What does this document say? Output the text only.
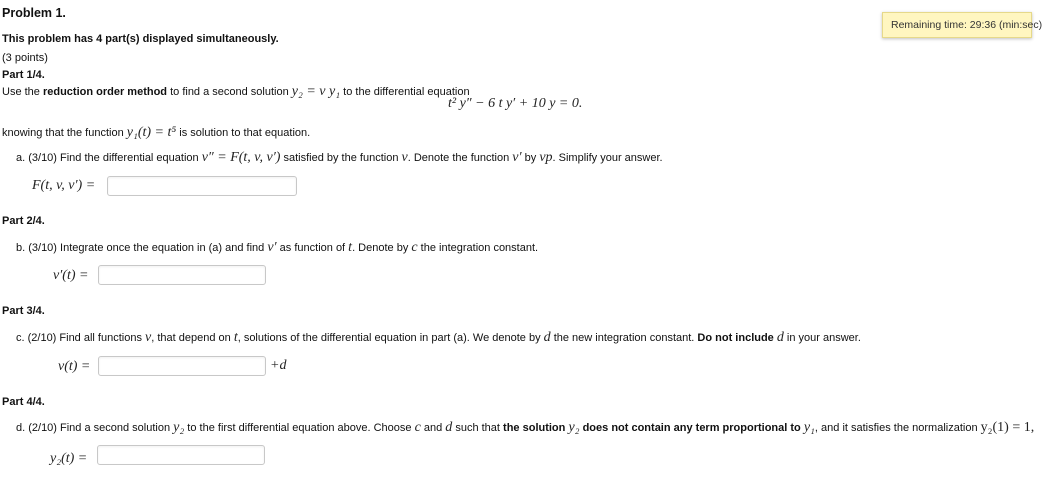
Problem 1.
Remaining time: 29:36 (min:sec)
This problem has 4 part(s) displayed simultaneously.
(3 points)
Part 1/4.
Use the reduction order method to find a second solution y₂ = v y₁ to the differential equation
t² y″ − 6 t y′ + 10 y = 0.
knowing that the function y₁(t) = t⁵ is solution to that equation.
a. (3/10) Find the differential equation v″ = F(t, v, v′) satisfied by the function v. Denote the function v′ by vp. Simplify your answer.
F(t, v, v′) =
Part 2/4.
b. (3/10) Integrate once the equation in (a) and find v′ as function of t. Denote by c the integration constant.
v′(t) =
Part 3/4.
c. (2/10) Find all functions v, that depend on t, solutions of the differential equation in part (a). We denote by d the new integration constant. Do not include d in your answer.
v(t) =	+d
Part 4/4.
d. (2/10) Find a second solution y₂ to the first differential equation above. Choose c and d such that the solution y₂ does not contain any term proportional to y₁, and it satisfies the normalization y₂(1) = 1,
y₂(t) =
